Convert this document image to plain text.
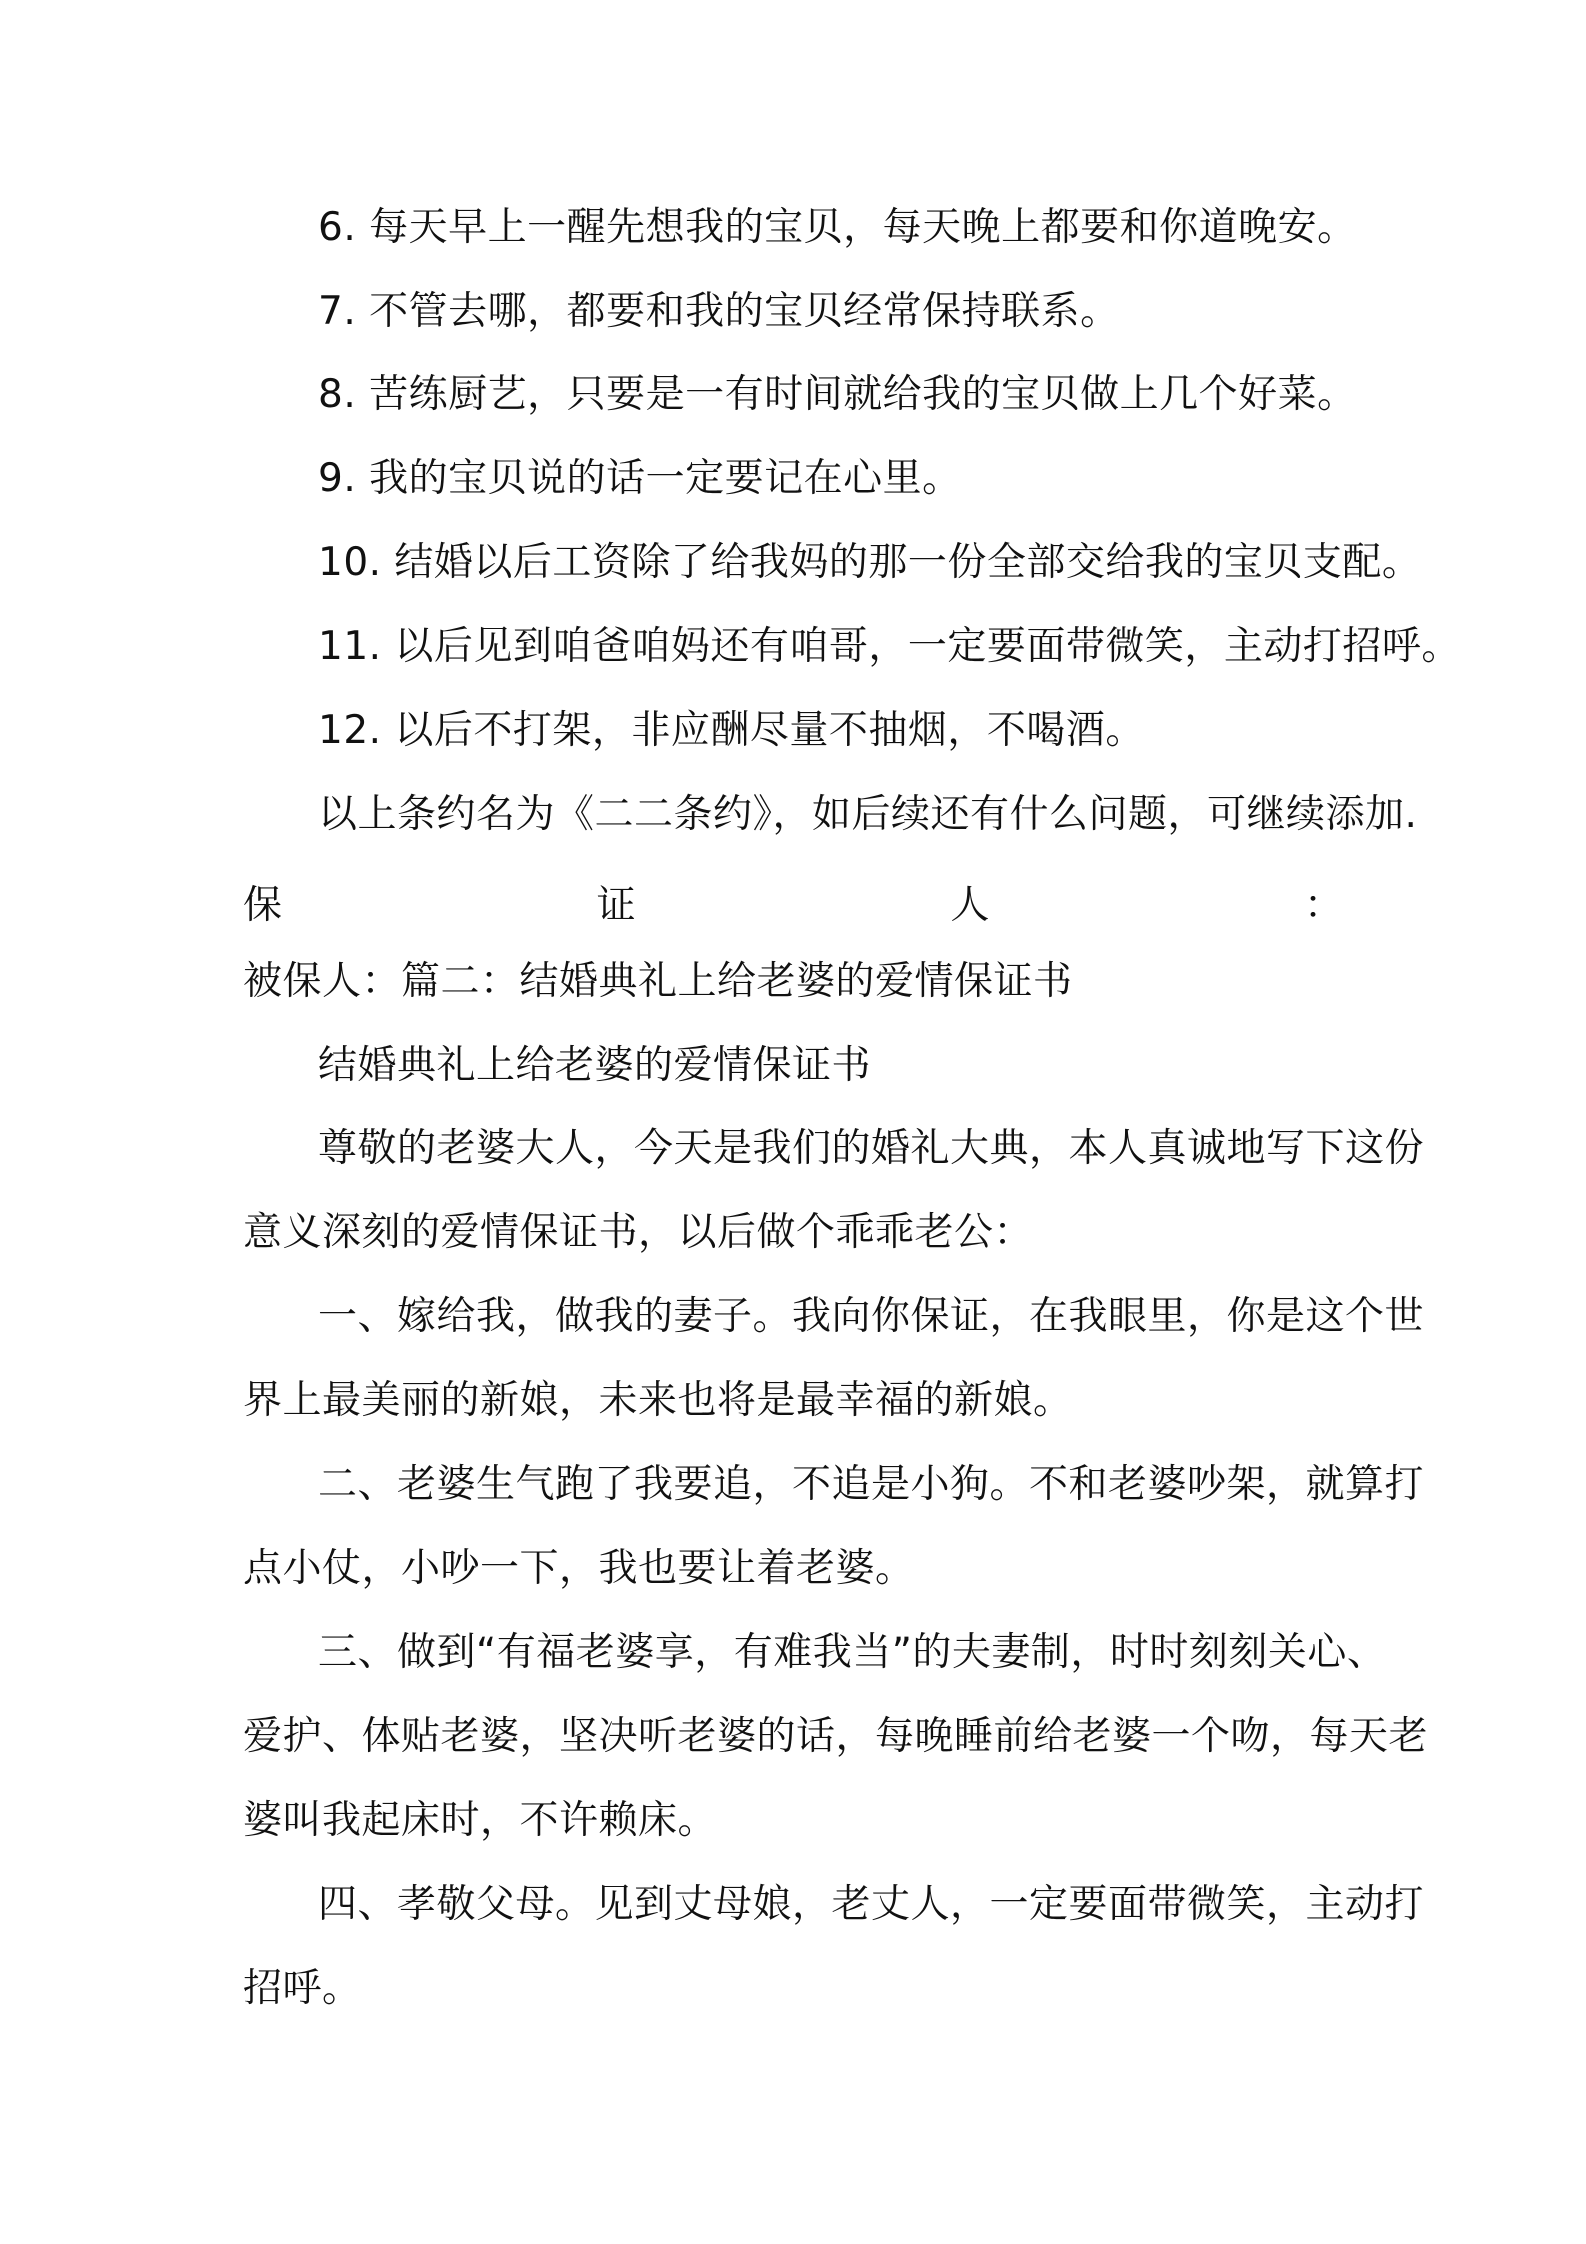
6. 每天早上一醒先想我的宝贝，每天晚上都要和你道晚安。
7. 不管去哪，都要和我的宝贝经常保持联系。
8. 苦练厨艺，只要是一有时间就给我的宝贝做上几个好菜。
9. 我的宝贝说的话一定要记在心里。
10. 结婚以后工资除了给我妈的那一份全部交给我的宝贝支配。
11. 以后见到咱爸咱妈还有咱哥，一定要面带微笑，主动打招呼。
12. 以后不打架，非应酬尽量不抽烟，不喝酒。
以上条约名为《二二条约》，如后续还有什么问题，可继续添加.
保	证	人	：
被保人：篇二：结婚典礼上给老婆的爱情保证书
结婚典礼上给老婆的爱情保证书
尊敬的老婆大人，今天是我们的婚礼大典，本人真诚地写下这份
意义深刻的爱情保证书，以后做个乖乖老公：
一、嫁给我，做我的妻子。我向你保证，在我眼里，你是这个世
界上最美丽的新娘，未来也将是最幸福的新娘。
二、老婆生气跑了我要追，不追是小狗。不和老婆吵架，就算打
点小仗，小吵一下，我也要让着老婆。
三、做到“有福老婆享，有难我当”的夫妻制，时时刻刻关心、
爱护、体贴老婆，坚决听老婆的话，每晚睡前给老婆一个吻，每天老
婆叫我起床时，不许赖床。
四、孝敬父母。见到丈母娘，老丈人，一定要面带微笑，主动打
招呼。
